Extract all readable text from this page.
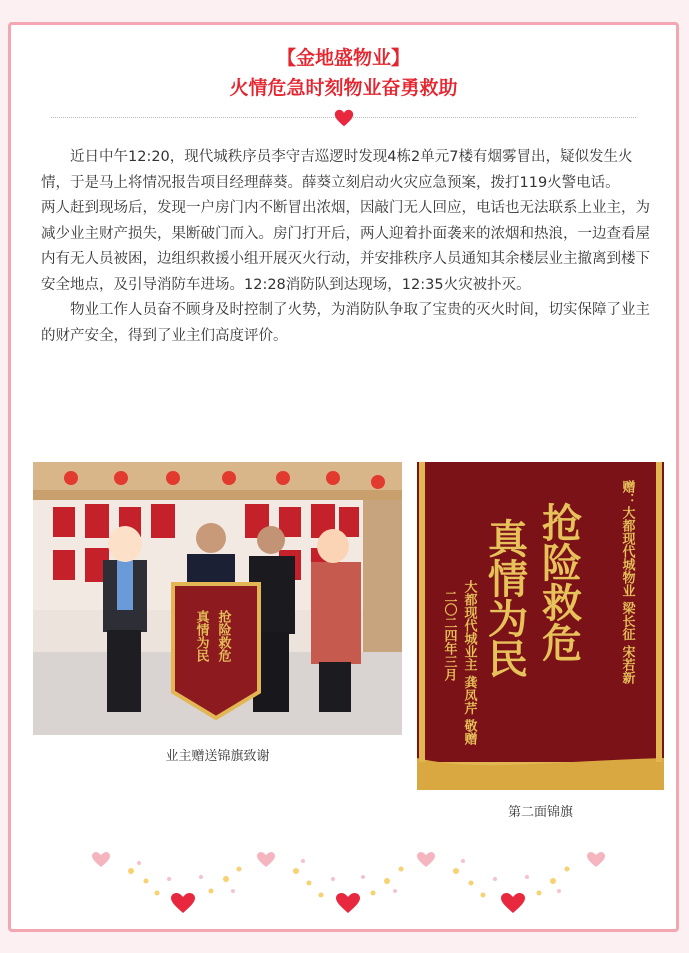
【金地盛物业】
火情危急时刻物业奋勇救助

近日中午12:20，现代城秩序员李守吉巡逻时发现4栋2单元7楼有烟雾冒出，疑似发生火情，于是马上将情况报告项目经理薛葵。薛葵立刻启动火灾应急预案，拨打119火警电话。

两人赶到现场后，发现一户房门内不断冒出浓烟，因敲门无人回应，电话也无法联系上业主，为减少业主财产损失，果断破门而入。房门打开后，两人迎着扑面袭来的浓烟和热浪，一边查看屋内有无人员被困，边组织救援小组开展灭火行动，并安排秩序人员通知其余楼层业主撤离到楼下安全地点，及引导消防车进场。12:28消防队到达现场，12:35火灾被扑灭。

物业工作人员奋不顾身及时控制了火势，为消防队争取了宝贵的灭火时间，切实保障了业主的财产安全，得到了业主们高度评价。

抢险救危
真情为民
业主赠送锦旗致谢
抢险救危
真情为民	赠：大都现代城物业 梁长征 宋若新
大都现代城业主 龚凤芹 敬赠
二〇二四年三月
第二面锦旗
